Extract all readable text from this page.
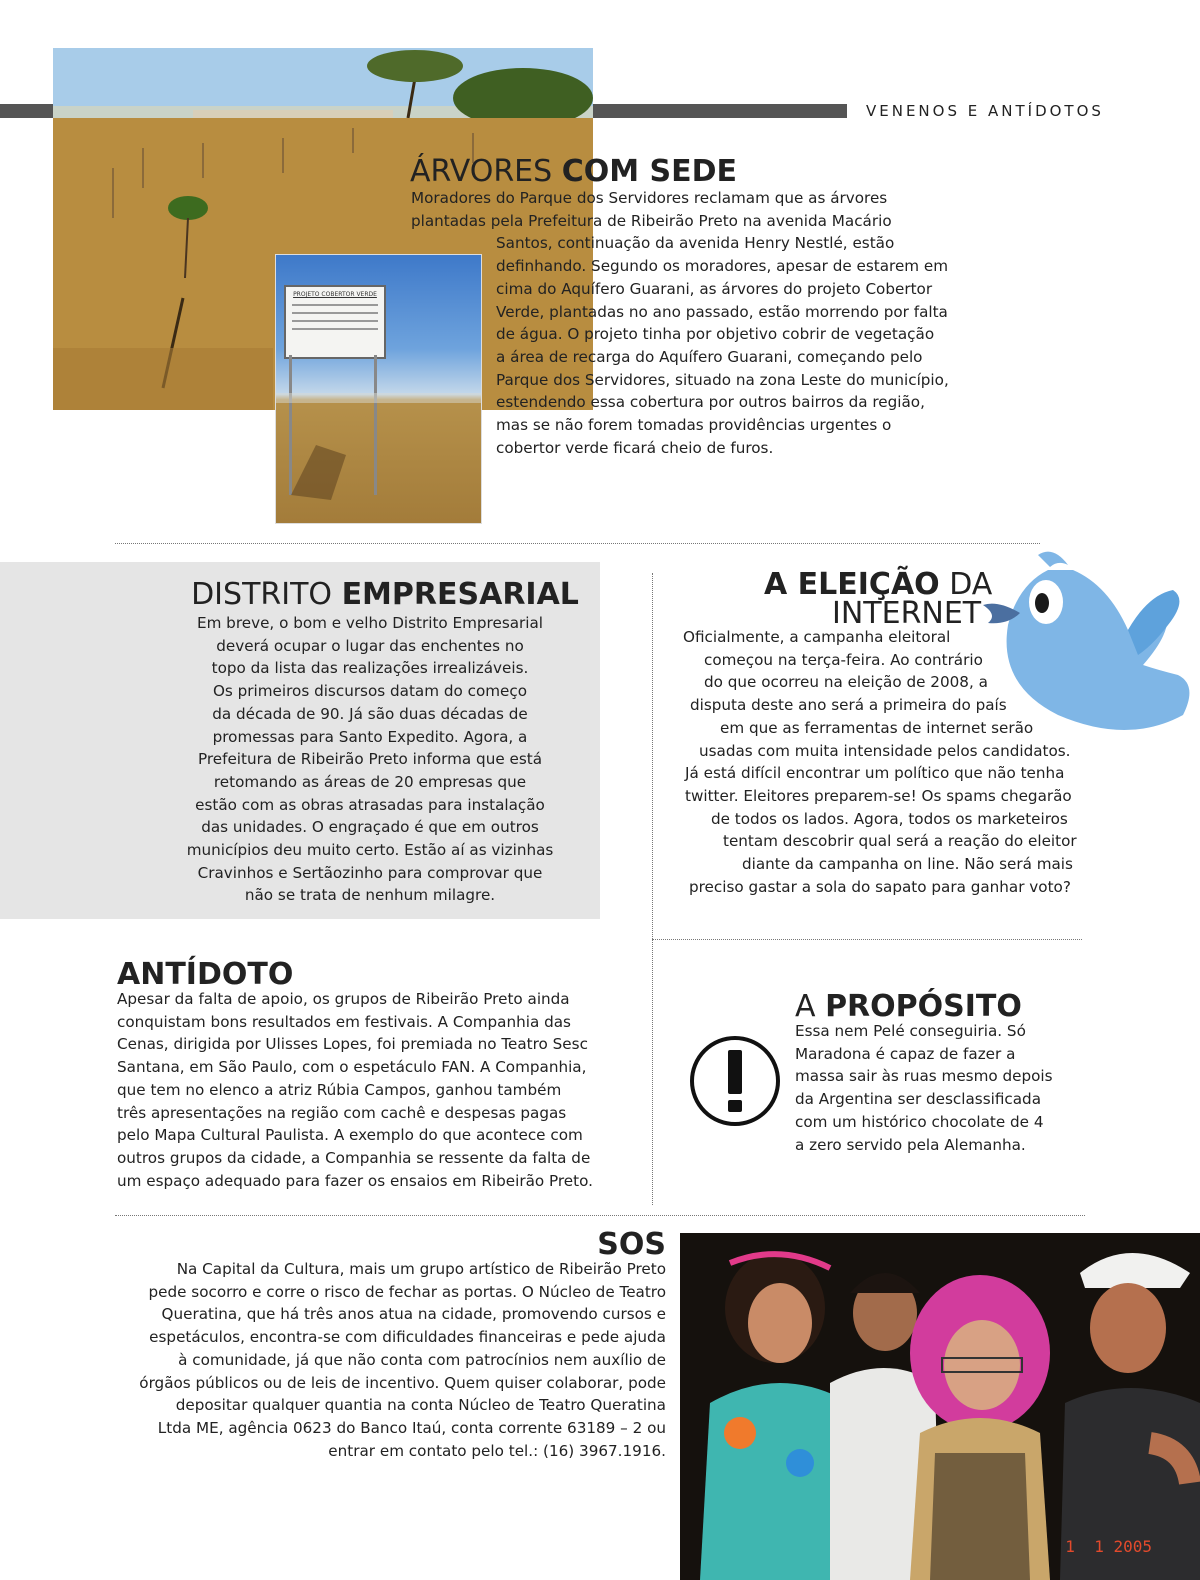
VENENOS E ANTÍDOTOS
PROJETO COBERTOR VERDE
ÁRVORES COM SEDE
Moradores do Parque dos Servidores reclamam que as árvores
plantadas pela Prefeitura de Ribeirão Preto na avenida Macário
Santos, continuação da avenida Henry Nestlé, estão
definhando. Segundo os moradores, apesar de estarem em
cima do Aquífero Guarani, as árvores do projeto Cobertor
Verde, plantadas no ano passado, estão morrendo por falta
de água. O projeto tinha por objetivo cobrir de vegetação
a área de recarga do Aquífero Guarani, começando pelo
Parque dos Servidores, situado na zona Leste do município,
estendendo essa cobertura por outros bairros da região,
mas se não forem tomadas providências urgentes o
cobertor verde ficará cheio de furos.
DISTRITO EMPRESARIAL
Em breve, o bom e velho Distrito Empresarial
deverá ocupar o lugar das enchentes no
topo da lista das realizações irrealizáveis.
Os primeiros discursos datam do começo
da década de 90. Já são duas décadas de
promessas para Santo Expedito. Agora, a
Prefeitura de Ribeirão Preto informa que está
retomando as áreas de 20 empresas que
estão com as obras atrasadas para instalação
das unidades. O engraçado é que em outros
municípios deu muito certo. Estão aí as vizinhas
Cravinhos e Sertãozinho para comprovar que
não se trata de nenhum milagre.
A ELEIÇÃO DA
INTERNET
Oficialmente, a campanha eleitoral
começou na terça-feira. Ao contrário
do que ocorreu na eleição de 2008, a
disputa deste ano será a primeira do país
em que as ferramentas de internet serão
usadas com muita intensidade pelos candidatos.
Já está difícil encontrar um político que não tenha
twitter. Eleitores preparem-se! Os spams chegarão
de todos os lados. Agora, todos os marketeiros
tentam descobrir qual será a reação do eleitor
diante da campanha on line. Não será mais
preciso gastar a sola do sapato para ganhar voto?
ANTÍDOTO
Apesar da falta de apoio, os grupos de Ribeirão Preto ainda
conquistam bons resultados em festivais. A Companhia das
Cenas, dirigida por Ulisses Lopes, foi premiada no Teatro Sesc
Santana, em São Paulo, com o espetáculo FAN. A Companhia,
que tem no elenco a atriz Rúbia Campos, ganhou também
três apresentações na região com cachê e despesas pagas
pelo Mapa Cultural Paulista. A exemplo do que acontece com
outros grupos da cidade, a Companhia se ressente da falta de
um espaço adequado para fazer os ensaios em Ribeirão Preto.
A PROPÓSITO
Essa nem Pelé conseguiria. Só
Maradona é capaz de fazer a
massa sair às ruas mesmo depois
da Argentina ser desclassificada
com um histórico chocolate de 4
a zero servido pela Alemanha.
SOS
Na Capital da Cultura, mais um grupo artístico de Ribeirão Preto
pede socorro e corre o risco de fechar as portas. O Núcleo de Teatro
Queratina, que há três anos atua na cidade, promovendo cursos e
espetáculos, encontra-se com dificuldades financeiras e pede ajuda
à comunidade, já que não conta com patrocínios nem auxílio de
órgãos públicos ou de leis de incentivo. Quem quiser colaborar, pode
depositar qualquer quantia na conta Núcleo de Teatro Queratina
Ltda ME, agência 0623 do Banco Itaú, conta corrente 63189 – 2 ou
entrar em contato pelo tel.: (16) 3967.1916.
1  1 2005
